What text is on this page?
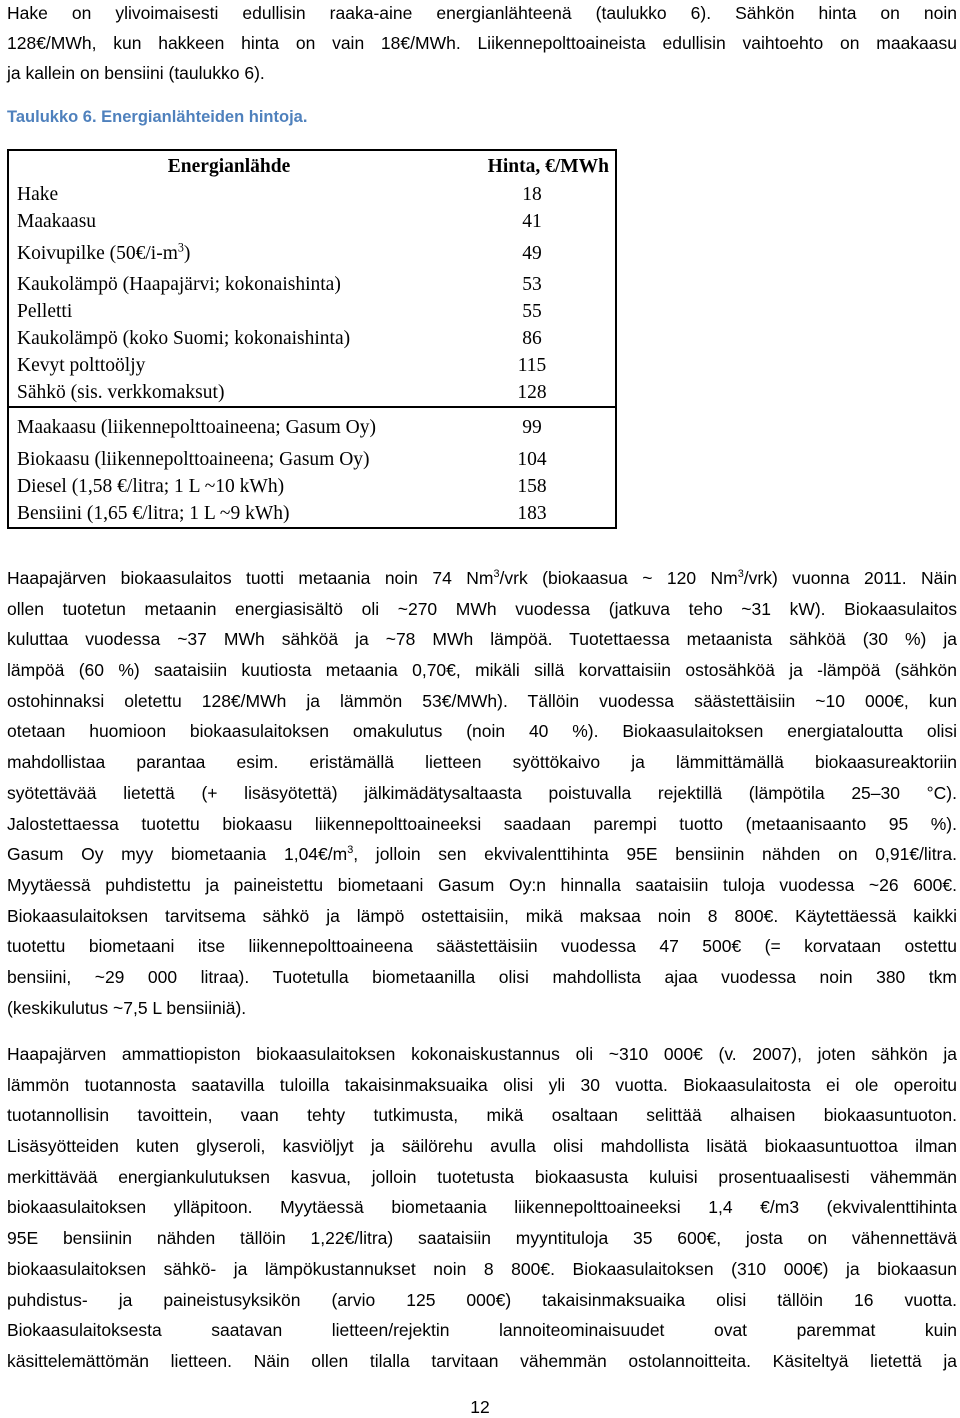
Hake on ylivoimaisesti edullisin raaka-aine energianlähteenä (taulukko 6). Sähkön hinta on noin
128€/MWh, kun hakkeen hinta on vain 18€/MWh. Liikennepolttoaineista edullisin vaihtoehto on maakaasu
ja kallein on bensiini (taulukko 6).
Taulukko 6. Energianlähteiden hintoja.
Energianlähde	Hinta, €/MWh
Hake	18
Maakaasu	41
Koivupilke $(50€/i-m^3)$	49
Kaukolämpö (Haapajärvi; kokonaishinta)	53
Pelletti	55
Kaukolämpö (koko Suomi; kokonaishinta)	86
Kevyt polttoöljy	115
Sähkö (sis. verkkomaksut)	128
Maakaasu (liikennepolttoaineena; Gasum Oy)	99
Biokaasu (liikennepolttoaineena; Gasum Oy)	104
Diesel (1,58 €/litra; 1 L ~10 kWh)	158
Bensiini (1,65 €/litra; 1 L ~9 kWh)	183
Haapajärven biokaasulaitos tuotti metaania noin 74 Nm$^3$/vrk (biokaasua ~ 120 Nm$^3$/vrk) vuonna 2011. Näin
ollen tuotetun metaanin energiasisältö oli ~270 MWh vuodessa (jatkuva teho ~31 kW). Biokaasulaitos
kuluttaa vuodessa ~37 MWh sähköä ja ~78 MWh lämpöä. Tuotettaessa metaanista sähköä (30 %) ja
lämpöä (60 %) saataisiin kuutiosta metaania 0,70€, mikäli sillä korvattaisiin ostosähköä ja -lämpöä (sähkön
ostohinnaksi oletettu 128€/MWh ja lämmön 53€/MWh). Tällöin vuodessa säästettäisiin ~10 000€, kun
otetaan huomioon biokaasulaitoksen omakulutus (noin 40 %). Biokaasulaitoksen energiataloutta olisi
mahdollistaa parantaa esim. eristämällä lietteen syöttökaivo ja lämmittämällä biokaasureaktoriin
syötettävää lietettä (+ lisäsyötettä) jälkimädätysaltaasta poistuvalla rejektillä (lämpötila 25–30 °C).
Jalostettaessa tuotettu biokaasu liikennepolttoaineeksi saadaan parempi tuotto (metaanisaanto 95 %).
Gasum Oy myy biometaania $1,04€/m^3$, jolloin sen ekvivalenttihinta 95E bensiinin nähden on 0,91€/litra.
Myytäessä puhdistettu ja paineistettu biometaani Gasum Oy:n hinnalla saataisiin tuloja vuodessa ~26 600€.
Biokaasulaitoksen tarvitsema sähkö ja lämpö ostettaisiin, mikä maksaa noin 8 800€. Käytettäessä kaikki
tuotettu biometaani itse liikennepolttoaineena säästettäisiin vuodessa 47 500€ (= korvataan ostettu
bensiini, ~29 000 litraa). Tuotetulla biometaanilla olisi mahdollista ajaa vuodessa noin 380 tkm
(keskikulutus ~7,5 L bensiiniä).
Haapajärven ammattiopiston biokaasulaitoksen kokonaiskustannus oli ~310 000€ (v. 2007), joten sähkön ja
lämmön tuotannosta saatavilla tuloilla takaisinmaksuaika olisi yli 30 vuotta. Biokaasulaitosta ei ole operoitu
tuotannollisin tavoittein, vaan tehty tutkimusta, mikä osaltaan selittää alhaisen biokaasuntuoton.
Lisäsyötteiden kuten glyseroli, kasviöljyt ja säilörehu avulla olisi mahdollista lisätä biokaasuntuottoa ilman
merkittävää energiankulutuksen kasvua, jolloin tuotetusta biokaasusta kuluisi prosentuaalisesti vähemmän
biokaasulaitoksen ylläpitoon. Myytäessä biometaania liikennepolttoaineeksi 1,4 €/m3 (ekvivalenttihinta
95E bensiinin nähden tällöin 1,22€/litra) saataisiin myyntituloja 35 600€, josta on vähennettävä
biokaasulaitoksen sähkö- ja lämpökustannukset noin 8 800€. Biokaasulaitoksen (310 000€) ja biokaasun
puhdistus- ja paineistusyksikön (arvio 125 000€) takaisinmaksuaika olisi tällöin 16 vuotta.
Biokaasulaitoksesta saatavan lietteen/rejektin lannoiteominaisuudet ovat paremmat kuin
käsittelemättömän lietteen. Näin ollen tilalla tarvitaan vähemmän ostolannoitteita. Käsiteltyä lietettä ja
12
